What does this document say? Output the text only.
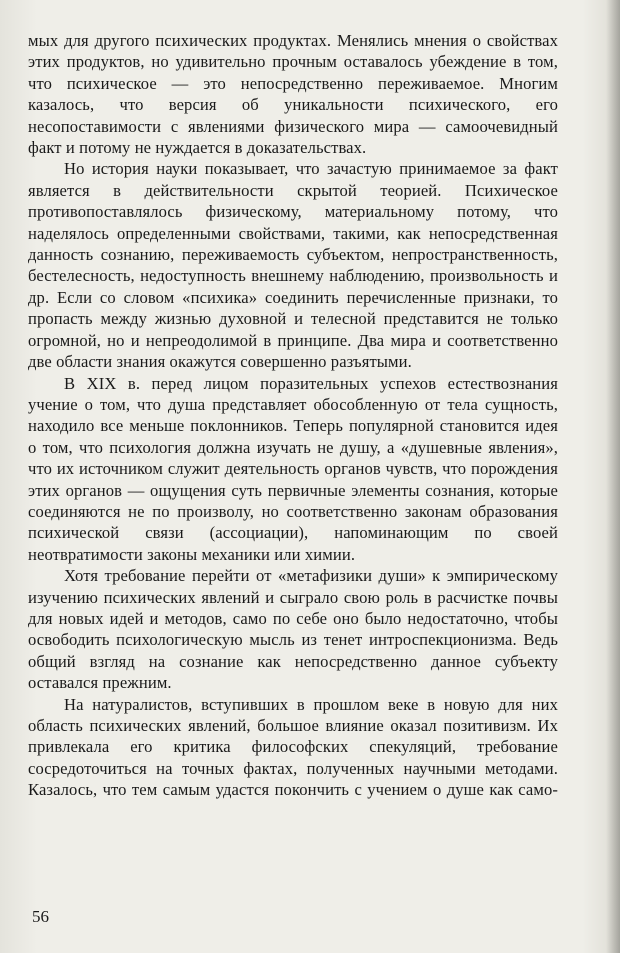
мых для другого психических продуктах. Менялись мнения о свойствах этих продуктов, но удивительно прочным оставалось убеждение в том, что психическое — это непосредственно переживаемое. Многим казалось, что версия об уникальности психического, его несопоставимости с явлениями физического мира — самоочевидный факт и потому не нуждается в доказательствах.

Но история науки показывает, что зачастую принимаемое за факт является в действительности скрытой теорией. Психическое противопоставлялось физическому, материальному потому, что наделялось определенными свойствами, такими, как непосредственная данность сознанию, переживаемость субъектом, непространственность, бестелесность, недоступность внешнему наблюдению, произвольность и др. Если со словом «психика» соединить перечисленные признаки, то пропасть между жизнью духовной и телесной представится не только огромной, но и непреодолимой в принципе. Два мира и соответственно две области знания окажутся совершенно разъятыми.

В XIX в. перед лицом поразительных успехов естествознания учение о том, что душа представляет обособленную от тела сущность, находило все меньше поклонников. Теперь популярной становится идея о том, что психология должна изучать не душу, а «душевные явления», что их источником служит деятельность органов чувств, что порождения этих органов — ощущения суть первичные элементы сознания, которые соединяются не по произволу, но соответственно законам образования психической связи (ассоциации), напоминающим по своей неотвратимости законы механики или химии.

Хотя требование перейти от «метафизики души» к эмпирическому изучению психических явлений и сыграло свою роль в расчистке почвы для новых идей и методов, само по себе оно было недостаточно, чтобы освободить психологическую мысль из тенет интроспекционизма. Ведь общий взгляд на сознание как непосредственно данное субъекту оставался прежним.

На натуралистов, вступивших в прошлом веке в новую для них область психических явлений, большое влияние оказал позитивизм. Их привлекала его критика философских спекуляций, требование сосредоточиться на точных фактах, полученных научными методами. Казалось, что тем самым удастся покончить с учением о душе как само-

56
